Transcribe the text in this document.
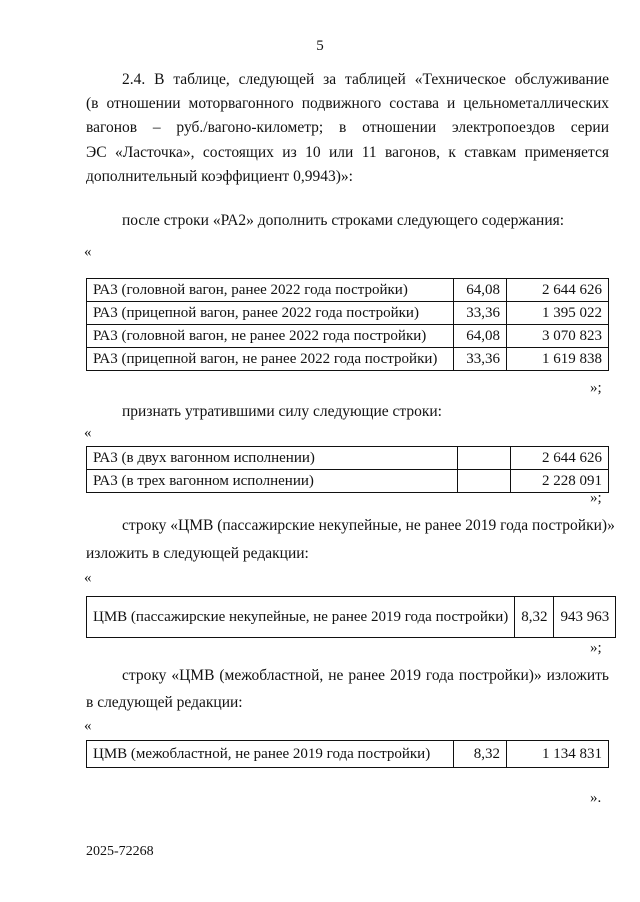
5
2.4. В таблице, следующей за таблицей «Техническое обслуживание
(в отношении моторвагонного подвижного состава и цельнометаллических
вагонов – руб./вагоно-километр; в отношении электропоездов серии
ЭС «Ласточка», состоящих из 10 или 11 вагонов, к ставкам применяется
дополнительный коэффициент 0,9943)»:
после строки «РА2» дополнить строками следующего содержания:
«
РА3 (головной вагон, ранее 2022 года постройки)	64,08	2 644 626
РА3 (прицепной вагон, ранее 2022 года постройки)	33,36	1 395 022
РА3 (головной вагон, не ранее 2022 года постройки)	64,08	3 070 823
РА3 (прицепной вагон, не ранее 2022 года постройки)	33,36	1 619 838
»;
признать утратившими силу следующие строки:
«
РА3 (в двух вагонном исполнении)		2 644 626
РА3 (в трех вагонном исполнении)		2 228 091
»;
строку «ЦМВ (пассажирские некупейные, не ранее 2019 года постройки)»
изложить в следующей редакции:
«
ЦМВ (пассажирские некупейные, не ранее 2019 года постройки)	8,32	943 963
»;
строку «ЦМВ (межобластной, не ранее 2019 года постройки)» изложить
в следующей редакции:
«
ЦМВ (межобластной, не ранее 2019 года постройки)	8,32	1 134 831
».
2025-72268
